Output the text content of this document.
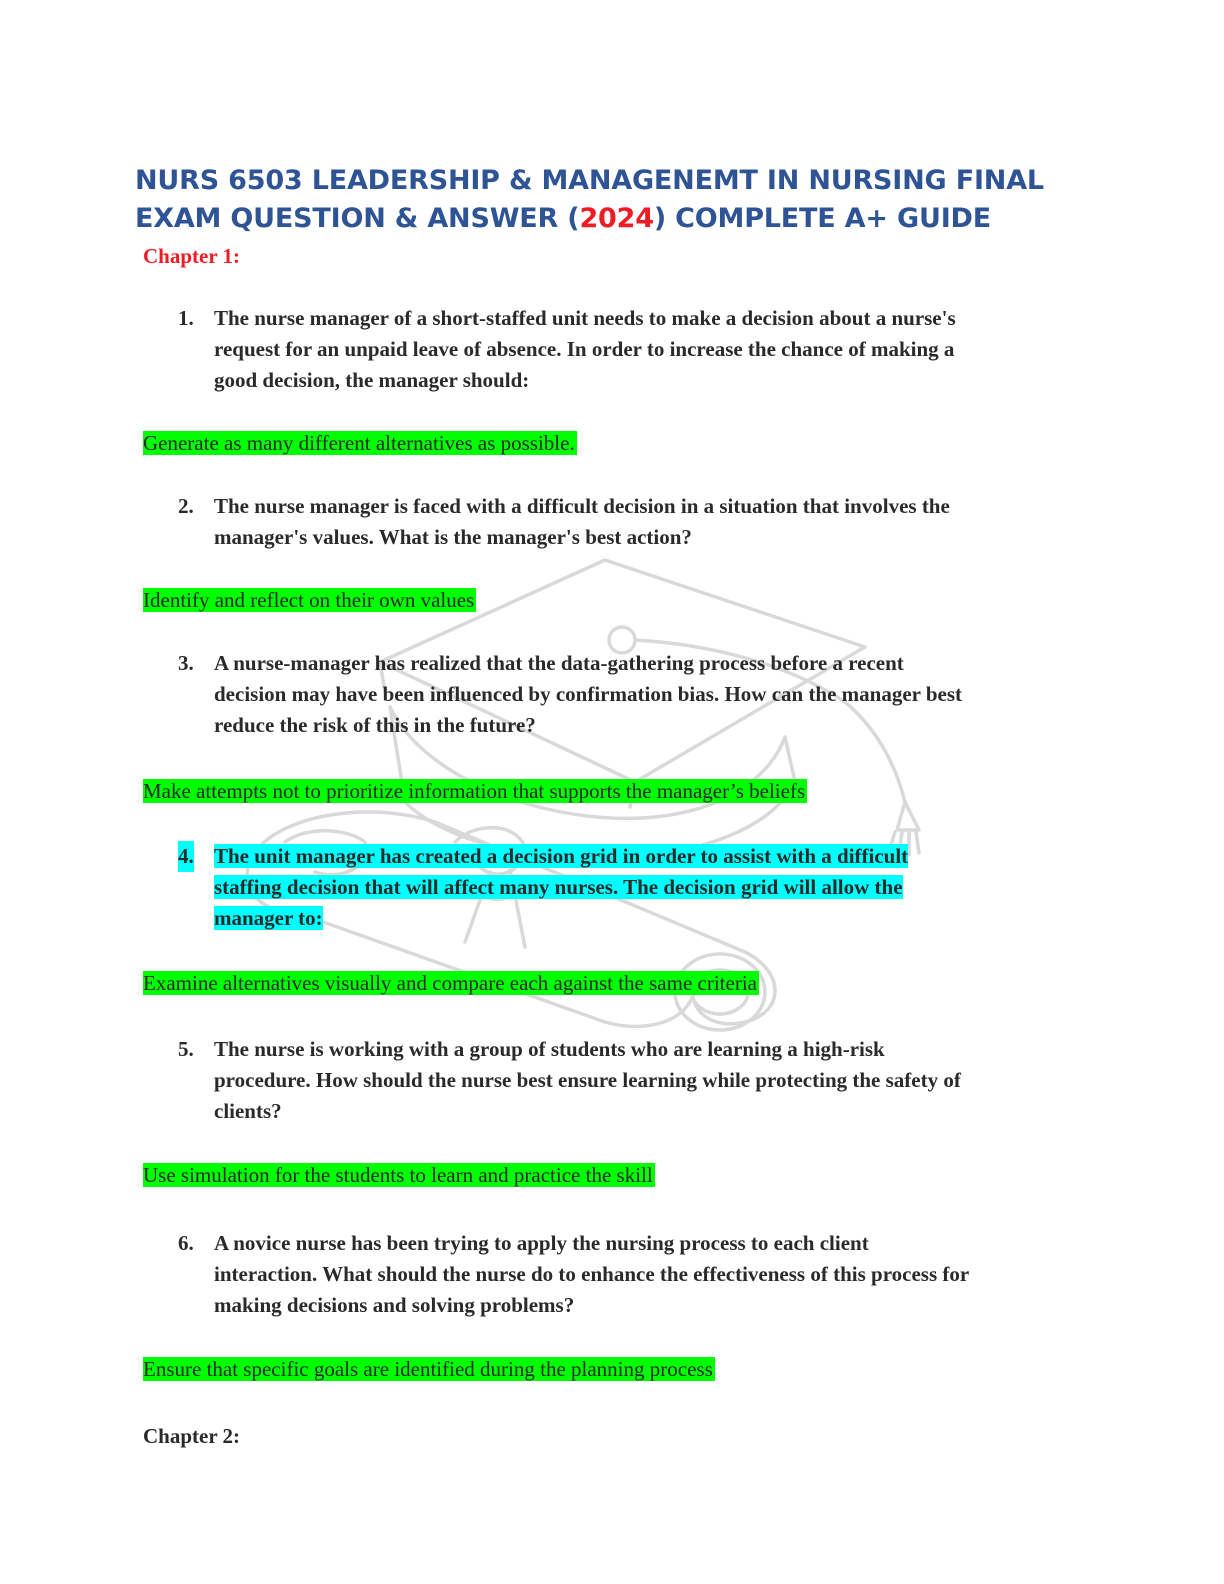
NURS 6503 LEADERSHIP & MANAGENEMT IN NURSING FINAL EXAM QUESTION & ANSWER (2024) COMPLETE A+ GUIDE
Chapter 1:
1. The nurse manager of a short-staffed unit needs to make a decision about a nurse's
request for an unpaid leave of absence. In order to increase the chance of making a
good decision, the manager should:
Generate as many different alternatives as possible.
2. The nurse manager is faced with a difficult decision in a situation that involves the
manager's values. What is the manager's best action?
Identify and reflect on their own values
3. A nurse-manager has realized that the data-gathering process before a recent
decision may have been influenced by confirmation bias. How can the manager best
reduce the risk of this in the future?
Make attempts not to prioritize information that supports the manager’s beliefs
4. The unit manager has created a decision grid in order to assist with a difficult
staffing decision that will affect many nurses. The decision grid will allow the
manager to:
Examine alternatives visually and compare each against the same criteria
5. The nurse is working with a group of students who are learning a high-risk
procedure. How should the nurse best ensure learning while protecting the safety of
clients?
Use simulation for the students to learn and practice the skill
6. A novice nurse has been trying to apply the nursing process to each client
interaction. What should the nurse do to enhance the effectiveness of this process for
making decisions and solving problems?
Ensure that specific goals are identified during the planning process
Chapter 2:
